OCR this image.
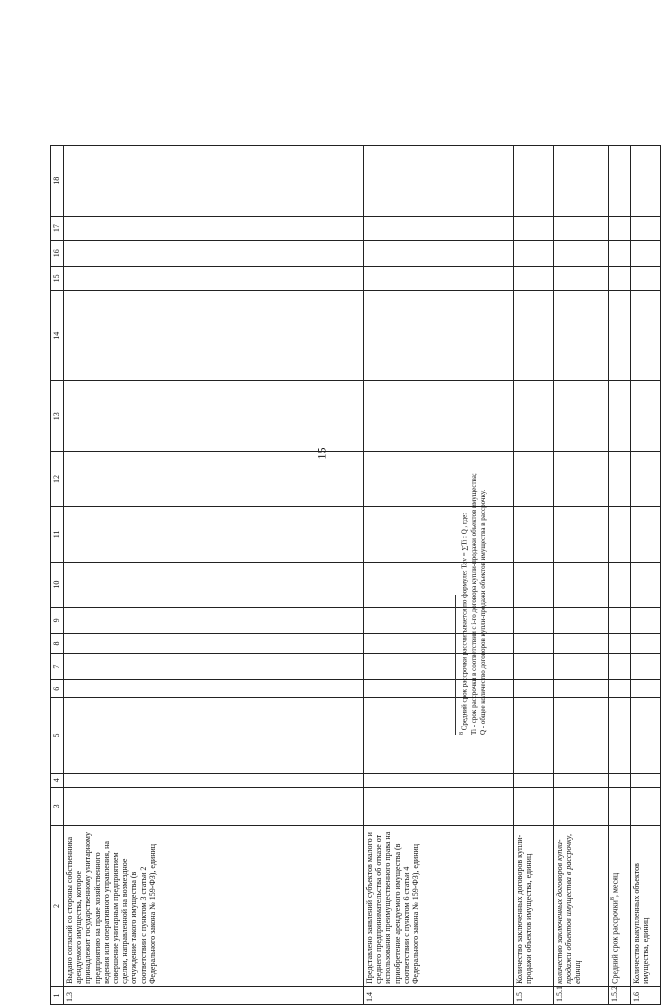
15
1	2	3	4	5	6	7	8	9	10	11	12	13	14	15	16	17	18
1.3	Выдано согласий со стороны собственника арендуемого имущества, которое принадлежит государственному унитарному предприятию на праве хозяйственного ведения или оперативного управления, на совершение унитарным предприятием сделки, направленной на возмездное отчуждение такого имущества (в соответствии с пунктом 3 статьи 2 Федерального закона № 159-ФЗ), единиц																
1.4	Представлено заявлений субъектов малого и среднего предпринимательства об отказе от использования преимущественного права на приобретение арендуемого имущества (в соответствии с пунктом 6 статьи 4 Федерального закона № 159-ФЗ), единиц																
1.5	Количество заключенных договоров купли-продажи объектов имущества, единиц																
1.5.1	количество заключенных договоров купли-продажи объектов имущества в рассрочку, единиц																
1.5.2	Средний срок рассрочки$^8$, месяц																
1.6	Количество выкупленных объектов имущества, единиц																
8 Средний срок рассрочки рассчитывается по формуле: Tav = ∑Ti : Q , где: Ti - срок рассрочки в соответствии с i-го договора купли-продажи объектов имущества; Q - общее количество договоров купли-продажи объектов имущества в рассрочку.
